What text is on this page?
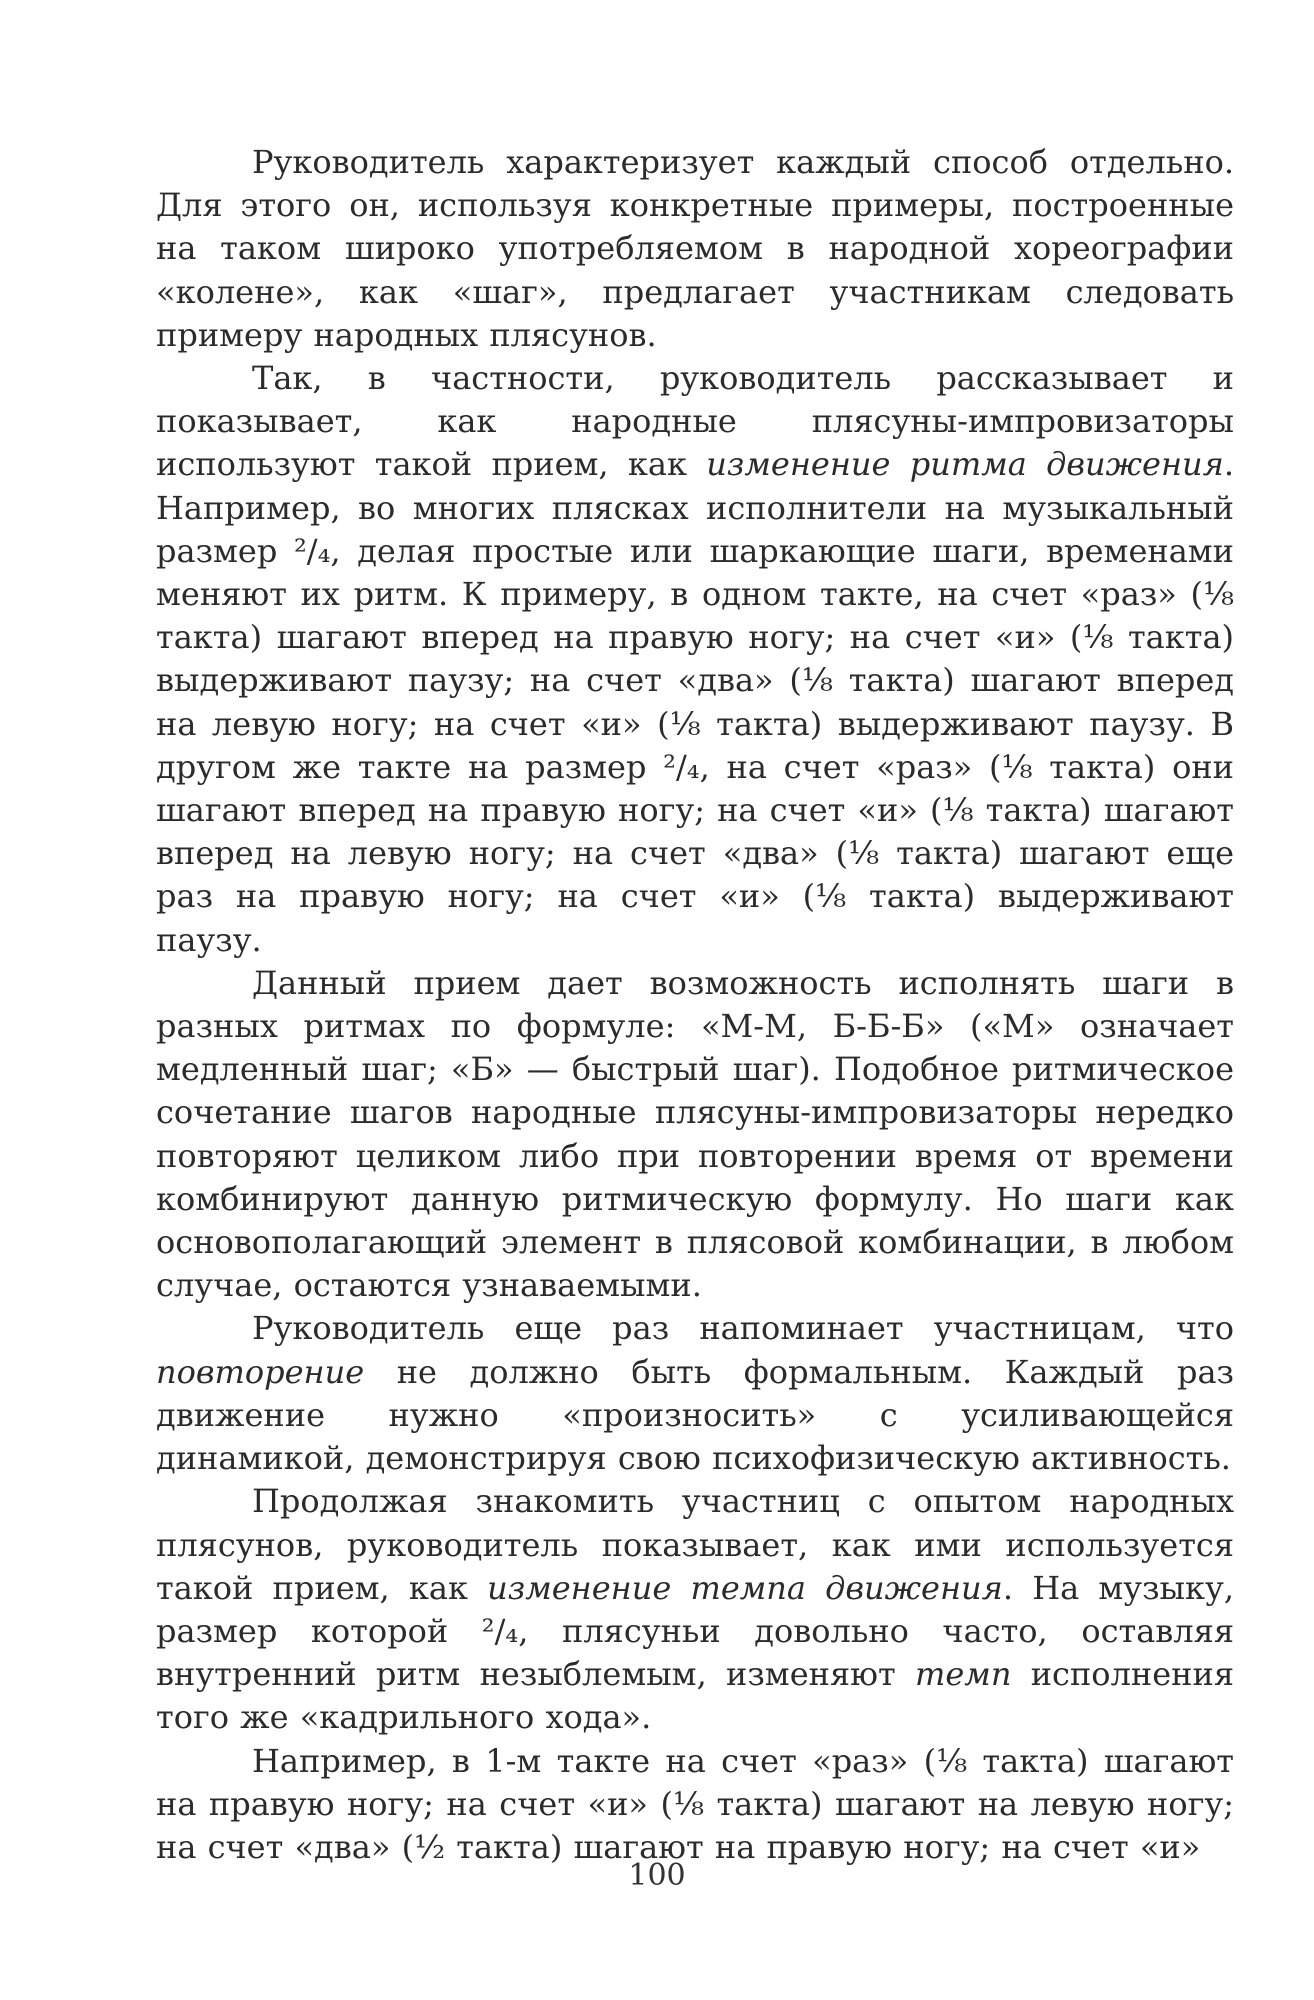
Руководитель характеризует каждый способ отдельно. Для этого он, используя конкретные примеры, построенные на таком широко употребляемом в народной хореографии «колене», как «шаг», предлагает участникам следовать примеру народных плясунов.

Так, в частности, руководитель рассказывает и показывает, как народные плясуны-импровизаторы используют такой прием, как изменение ритма движения. Например, во многих плясках исполнители на музыкальный размер ²/₄, делая простые или шаркающие шаги, временами меняют их ритм. К примеру, в одном такте, на счет «раз» (⅛ такта) шагают вперед на правую ногу; на счет «и» (⅛ такта) выдерживают паузу; на счет «два» (⅛ такта) шагают вперед на левую ногу; на счет «и» (⅛ такта) выдерживают паузу. В другом же такте на размер ²/₄, на счет «раз» (⅛ такта) они шагают вперед на правую ногу; на счет «и» (⅛ такта) шагают вперед на левую ногу; на счет «два» (⅛ такта) шагают еще раз на правую ногу; на счет «и» (⅛ такта) выдерживают паузу.

Данный прием дает возможность исполнять шаги в разных ритмах по формуле: «М-М, Б-Б-Б» («М» означает медленный шаг; «Б» — быстрый шаг). Подобное ритмическое сочетание шагов народные плясуны-импровизаторы нередко повторяют целиком либо при повторении время от времени комбинируют данную ритмическую формулу. Но шаги как основополагающий элемент в плясовой комбинации, в любом случае, остаются узнаваемыми.

Руководитель еще раз напоминает участницам, что повторение не должно быть формальным. Каждый раз движение нужно «произносить» с усиливающейся динамикой, демонстрируя свою психофизическую активность.

Продолжая знакомить участниц с опытом народных плясунов, руководитель показывает, как ими используется такой прием, как изменение темпа движения. На музыку, размер которой ²/₄, плясуньи довольно часто, оставляя внутренний ритм незыблемым, изменяют темп исполнения того же «кадрильного хода».

Например, в 1-м такте на счет «раз» (⅛ такта) шагают на правую ногу; на счет «и» (⅛ такта) шагают на левую ногу; на счет «два» (½ такта) шагают на правую ногу; на счет «и»

100
